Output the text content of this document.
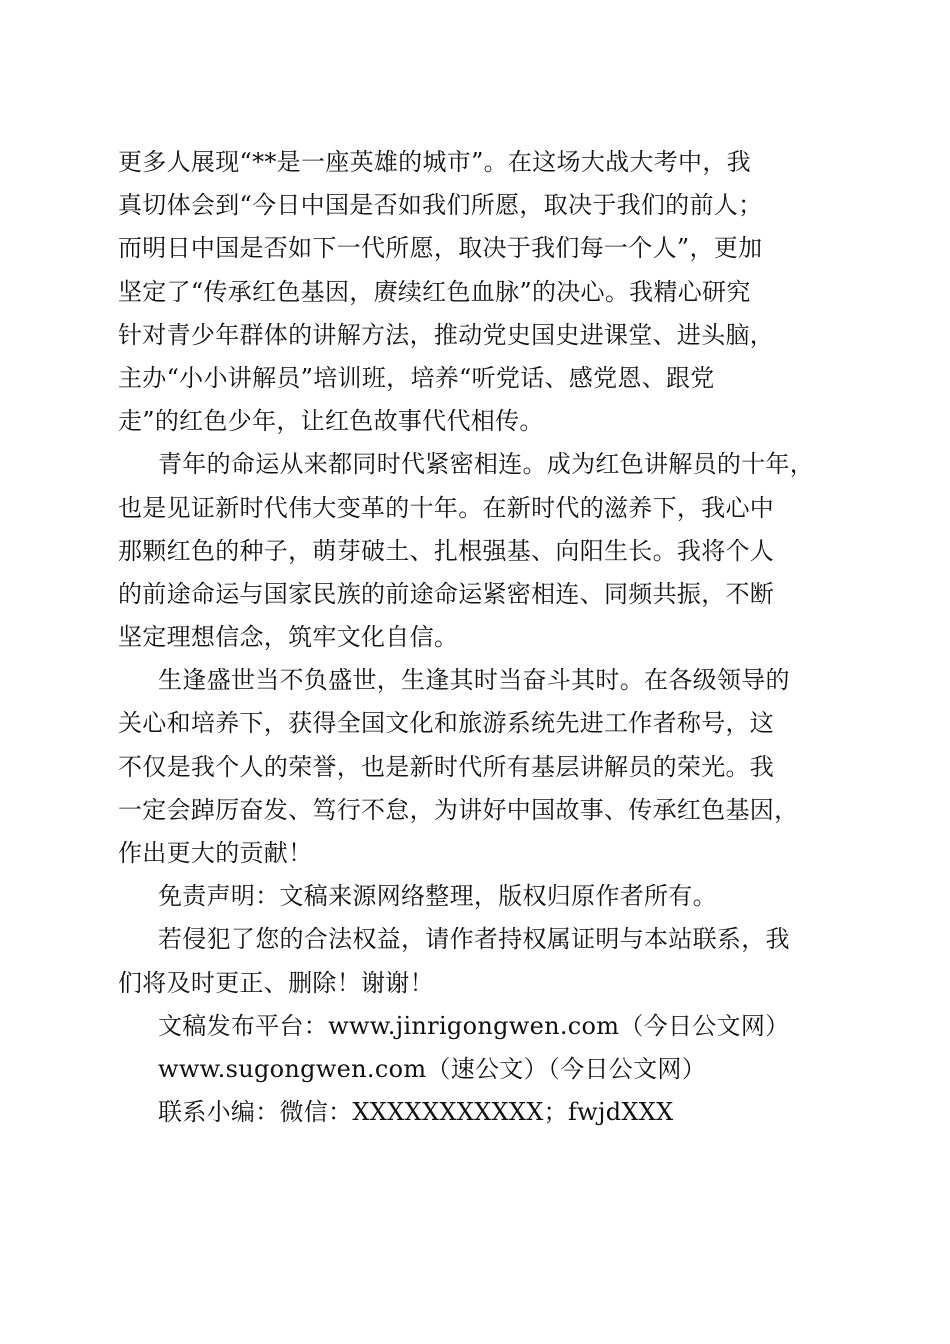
更多人展现“**是一座英雄的城市”。在这场大战大考中，我
真切体会到“今日中国是否如我们所愿，取决于我们的前人；
而明日中国是否如下一代所愿，取决于我们每一个人”，更加
坚定了“传承红色基因，赓续红色血脉”的决心。我精心研究
针对青少年群体的讲解方法，推动党史国史进课堂、进头脑，
主办“小小讲解员”培训班，培养“听党话、感党恩、跟党
走”的红色少年，让红色故事代代相传。
青年的命运从来都同时代紧密相连。成为红色讲解员的十年，
也是见证新时代伟大变革的十年。在新时代的滋养下，我心中
那颗红色的种子，萌芽破土、扎根强基、向阳生长。我将个人
的前途命运与国家民族的前途命运紧密相连、同频共振，不断
坚定理想信念，筑牢文化自信。
生逢盛世当不负盛世，生逢其时当奋斗其时。在各级领导的
关心和培养下，获得全国文化和旅游系统先进工作者称号，这
不仅是我个人的荣誉，也是新时代所有基层讲解员的荣光。我
一定会踔厉奋发、笃行不怠，为讲好中国故事、传承红色基因，
作出更大的贡献！
免责声明：文稿来源网络整理，版权归原作者所有。
若侵犯了您的合法权益，请作者持权属证明与本站联系，我
们将及时更正、删除！谢谢！
文稿发布平台：www.jinrigongwen.com（今日公文网）
www.sugongwen.com（速公文）（今日公文网）
联系小编：微信：XXXXXXXXXXX；fwjdXXX
